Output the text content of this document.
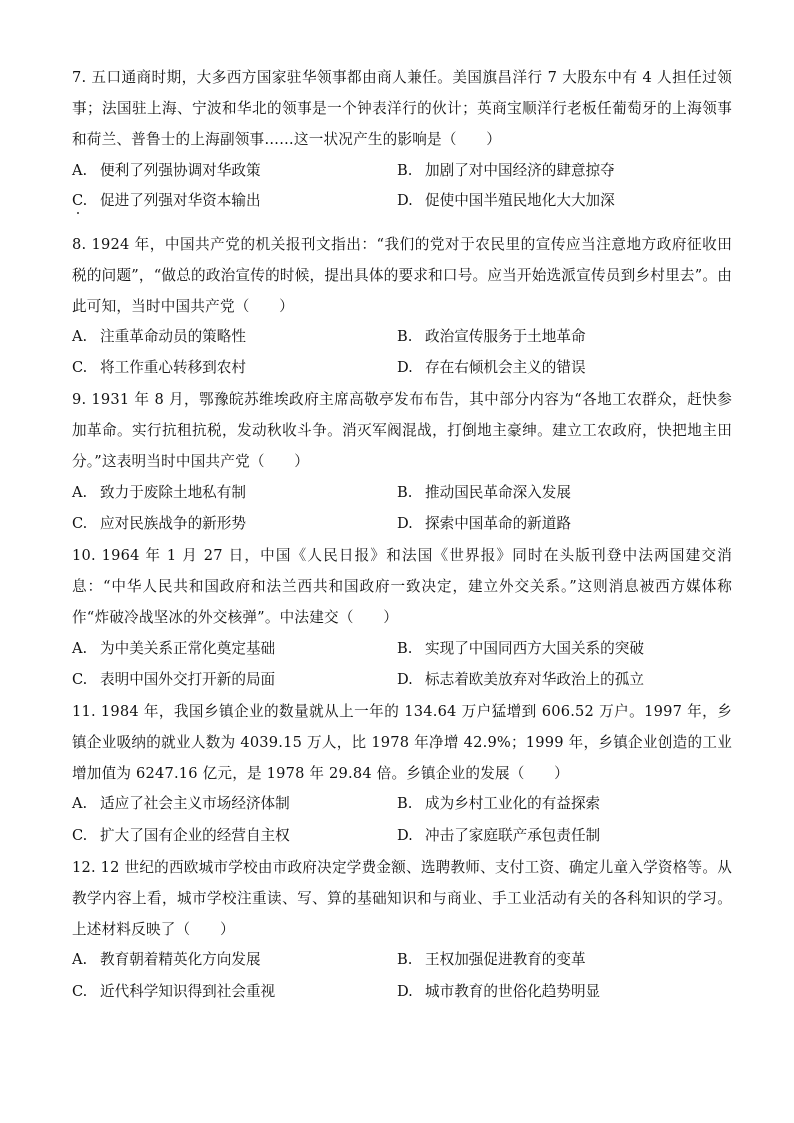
7. 五口通商时期，大多西方国家驻华领事都由商人兼任。美国旗昌洋行 7 大股东中有 4 人担任过领事；法国驻上海、宁波和华北的领事是一个钟表洋行的伙计；英商宝顺洋行老板任葡萄牙的上海领事和荷兰、普鲁士的上海副领事……这一状况产生的影响是（　　）

A. 便利了列强协调对华政策	B. 加剧了对中国经济的肆意掠夺

C. 促进了列强对华资本输出	D. 促使中国半殖民地化大大加深

8. 1924 年，中国共产党的机关报刊文指出：“我们的党对于农民里的宣传应当注意地方政府征收田税的问题”，“做总的政治宣传的时候，提出具体的要求和口号。应当开始选派宣传员到乡村里去”。由此可知，当时中国共产党（　　）

A. 注重革命动员的策略性	B. 政治宣传服务于土地革命

C. 将工作重心转移到农村	D. 存在右倾机会主义的错误

9. 1931 年 8 月，鄂豫皖苏维埃政府主席高敬亭发布布告，其中部分内容为“各地工农群众，赶快参加革命。实行抗租抗税，发动秋收斗争。消灭军阀混战，打倒地主豪绅。建立工农政府，快把地主田分。”这表明当时中国共产党（　　）

A. 致力于废除土地私有制	B. 推动国民革命深入发展

C. 应对民族战争的新形势	D. 探索中国革命的新道路

10. 1964 年 1 月 27 日，中国《人民日报》和法国《世界报》同时在头版刊登中法两国建交消息：“中华人民共和国政府和法兰西共和国政府一致决定，建立外交关系。”这则消息被西方媒体称作“炸破冷战坚冰的外交核弹”。中法建交（　　）

A. 为中美关系正常化奠定基础	B. 实现了中国同西方大国关系的突破

C. 表明中国外交打开新的局面	D. 标志着欧美放弃对华政治上的孤立

11. 1984 年，我国乡镇企业的数量就从上一年的 134.64 万户猛增到 606.52 万户。1997 年，乡镇企业吸纳的就业人数为 4039.15 万人，比 1978 年净增 42.9%；1999 年，乡镇企业创造的工业增加值为 6247.16 亿元，是 1978 年 29.84 倍。乡镇企业的发展（　　）

A. 适应了社会主义市场经济体制	B. 成为乡村工业化的有益探索

C. 扩大了国有企业的经营自主权	D. 冲击了家庭联产承包责任制

12. 12 世纪的西欧城市学校由市政府决定学费金额、选聘教师、支付工资、确定儿童入学资格等。从教学内容上看，城市学校注重读、写、算的基础知识和与商业、手工业活动有关的各科知识的学习。上述材料反映了（　　）

A. 教育朝着精英化方向发展	B. 王权加强促进教育的变革

C. 近代科学知识得到社会重视	D. 城市教育的世俗化趋势明显
